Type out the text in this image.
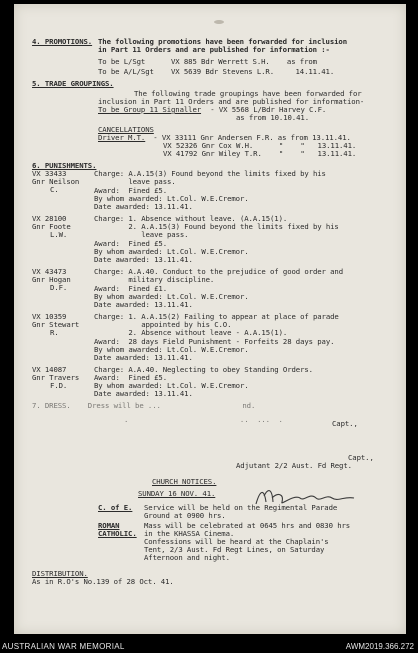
4. PROMOTIONS. The following promotions have been forwarded for inclusion
in Part 11 Orders and are published for information :-
To be L/Sgt      VX 885 Bdr Werrett S.H.    as from
To be A/L/Sgt    VX 5639 Bdr Stevens L.R.     14.11.41.
5. TRADE GROUPINGS.
The following trade groupings have been forwarded for
inclusion in Part 11 Orders and are published for information-
To be Group 11 Signaller - VX 5568 L/Bdr Harvey C.F.
as from 10.10.41.
CANCELLATIONS
Driver M.T. - VX 33111 Gnr Andersen F.R. as from 13.11.41.
VX 52326 Gnr Cox W.H.      "    "   13.11.41.
VX 41792 Gnr Wiley T.R.    "    "   13.11.41.
6. PUNISHMENTS.
VX 33433
Gnr Neilson
C.
Charge: A.A.15(3) Found beyond the limits fixed by his
leave pass.
Award:  Fined £5.
By whom awarded: Lt.Col. W.E.Cremor.
Date awarded: 13.11.41.
VX 28100
Gnr Foote
L.W.
Charge: 1. Absence without leave. (A.A.15(1).
2. A.A.15(3) Found beyond the limits fixed by his
leave pass.
Award:  Fined £5.
By whom awarded: Lt.Col. W.E.Cremor.
Date awarded: 13.11.41.
VX 43473
Gnr Hogan
D.F.
Charge: A.A.40. Conduct to the prejudice of good order and
military discipline.
Award:  Fined £1.
By whom awarded: Lt.Col. W.E.Cremor.
Date awarded: 13.11.41.
VX 10359
Gnr Stewart
R.
Charge: 1. A.A.15(2) Failing to appear at place of parade
appointed by his C.O.
2. Absence without leave - A.A.15(1).
Award:  28 days Field Punishment - Forfeits 28 days pay.
By whom awarded: Lt.Col. W.E.Cremor.
Date awarded: 13.11.41.
VX 14087
Gnr Travers
F.D.
Charge: A.A.40. Neglecting to obey Standing Orders.
Award:  Fined £5.
By whom awarded: Lt.Col. W.E.Cremor.
Date awarded: 13.11.41.
7. DRESS.    Dress will be ...                   nd.
.                          ..  ...  .	Capt.,
Capt.,
Adjutant 2/2 Aust. Fd Regt.
CHURCH NOTICES.
SUNDAY 16 NOV. 41.
C. of E. Service will be held on the Regimental Parade
Ground at 0900 hrs.
ROMAN
CATHOLIC.
Mass will be celebrated at 0645 hrs and 0830 hrs
in the KHASSA Cinema.
Confessions will be heard at the Chaplain's
Tent, 2/3 Aust. Fd Regt Lines, on Saturday
Afternoon and night.
DISTRIBUTION.
As in R.O's No.139 of 28 Oct. 41.
AUSTRALIAN WAR MEMORIAL	AWM2019.366.272
